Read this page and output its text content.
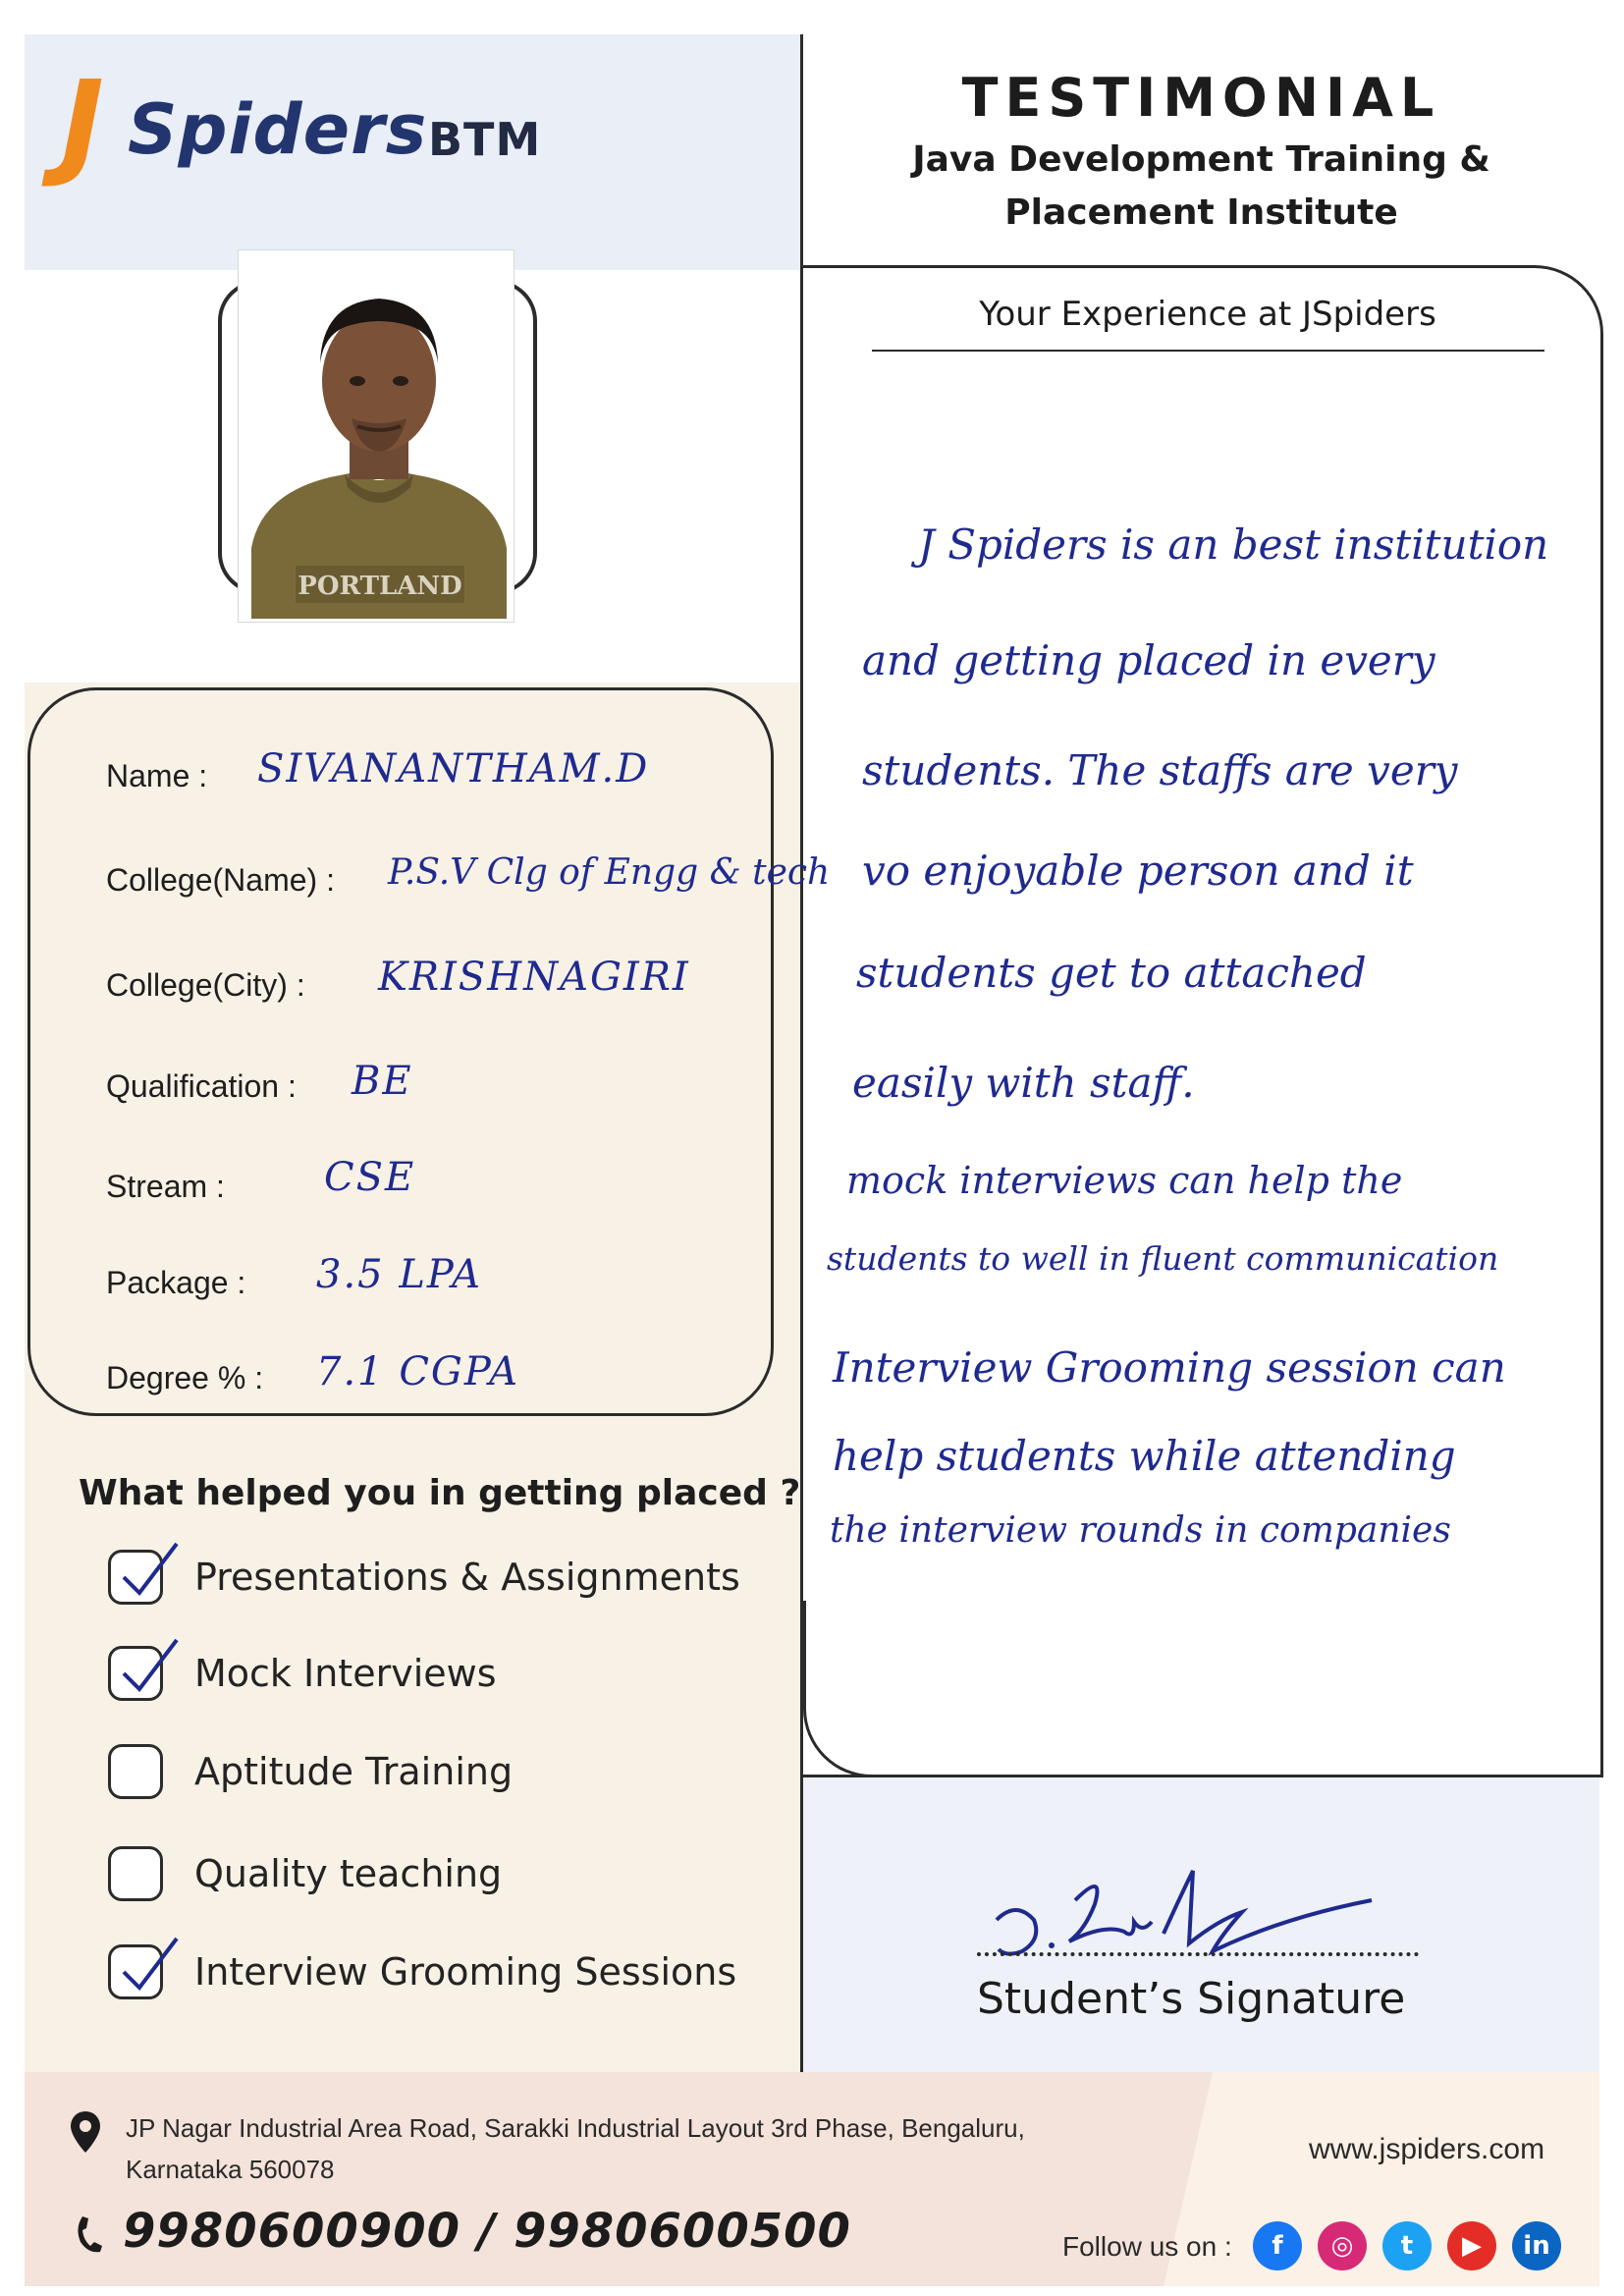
J Spiders BTM
TESTIMONIAL
Java Development Training &
Placement Institute
PORTLAND
Name : SIVANANTHAM.D
College(Name) : P.S.V Clg of Engg & tech
College(City) : KRISHNAGIRI
Qualification : BE
Stream :	CSE
Package : 3.5 LPA
Degree % : 7.1 CGPA
What helped you in getting placed ?
Presentations & Assignments
Mock Interviews
Aptitude Training
Quality teaching
Interview Grooming Sessions
Your Experience at JSpiders
J Spiders is an best institution
and getting placed in every
students. The staffs are very
vo enjoyable person and it
students get to attached
easily with staff.
mock interviews can help the
students to well in fluent communication
Interview Grooming session can
help students while attending
the interview rounds in companies
Student’s Signature
JP Nagar Industrial Area Road, Sarakki Industrial Layout 3rd Phase, Bengaluru,
Karnataka 560078
9980600900 / 9980600500
www.jspiders.com
Follow us on :	f	◎	t	▶	in
